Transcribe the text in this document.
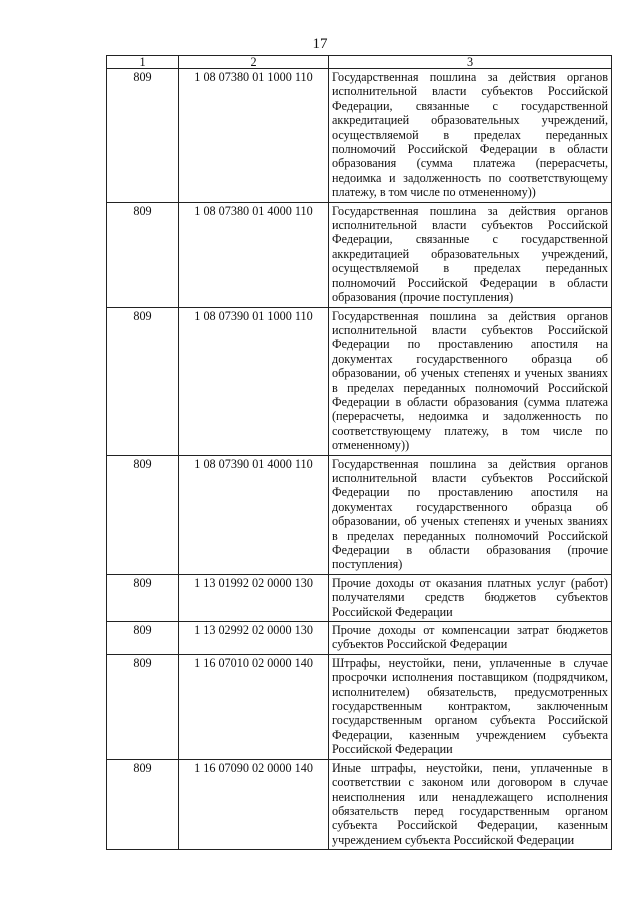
17
1	2	3
809	1 08 07380 01 1000 110	Государственная пошлина за действия органов исполнительной власти субъектов Российской Федерации, связанные с государственной аккредитацией образовательных учреждений, осуществляемой в пределах переданных полномочий Российской Федерации в области образования (сумма платежа (перерасчеты, недоимка и задолженность по соответствующему платежу, в том числе по отмененному))
809	1 08 07380 01 4000 110	Государственная пошлина за действия органов исполнительной власти субъектов Российской Федерации, связанные с государственной аккредитацией образовательных учреждений, осуществляемой в пределах переданных полномочий Российской Федерации в области образования (прочие поступления)
809	1 08 07390 01 1000 110	Государственная пошлина за действия органов исполнительной власти субъектов Российской Федерации по проставлению апостиля на документах государственного образца об образовании, об ученых степенях и ученых званиях в пределах переданных полномочий Российской Федерации в области образования (сумма платежа (перерасчеты, недоимка и задолженность по соответствующему платежу, в том числе по отмененному))
809	1 08 07390 01 4000 110	Государственная пошлина за действия органов исполнительной власти субъектов Российской Федерации по проставлению апостиля на документах государственного образца об образовании, об ученых степенях и ученых званиях в пределах переданных полномочий Российской Федерации в области образования (прочие поступления)
809	1 13 01992 02 0000 130	Прочие доходы от оказания платных услуг (работ) получателями средств бюджетов субъектов Российской Федерации
809	1 13 02992 02 0000 130	Прочие доходы от компенсации затрат бюджетов субъектов Российской Федерации
809	1 16 07010 02 0000 140	Штрафы, неустойки, пени, уплаченные в случае просрочки исполнения поставщиком (подрядчиком, исполнителем) обязательств, предусмотренных государственным контрактом, заключенным государственным органом субъекта Российской Федерации, казенным учреждением субъекта Российской Федерации
809	1 16 07090 02 0000 140	Иные штрафы, неустойки, пени, уплаченные в соответствии с законом или договором в случае неисполнения или ненадлежащего исполнения обязательств перед государственным органом субъекта Российской Федерации, казенным учреждением субъекта Российской Федерации
